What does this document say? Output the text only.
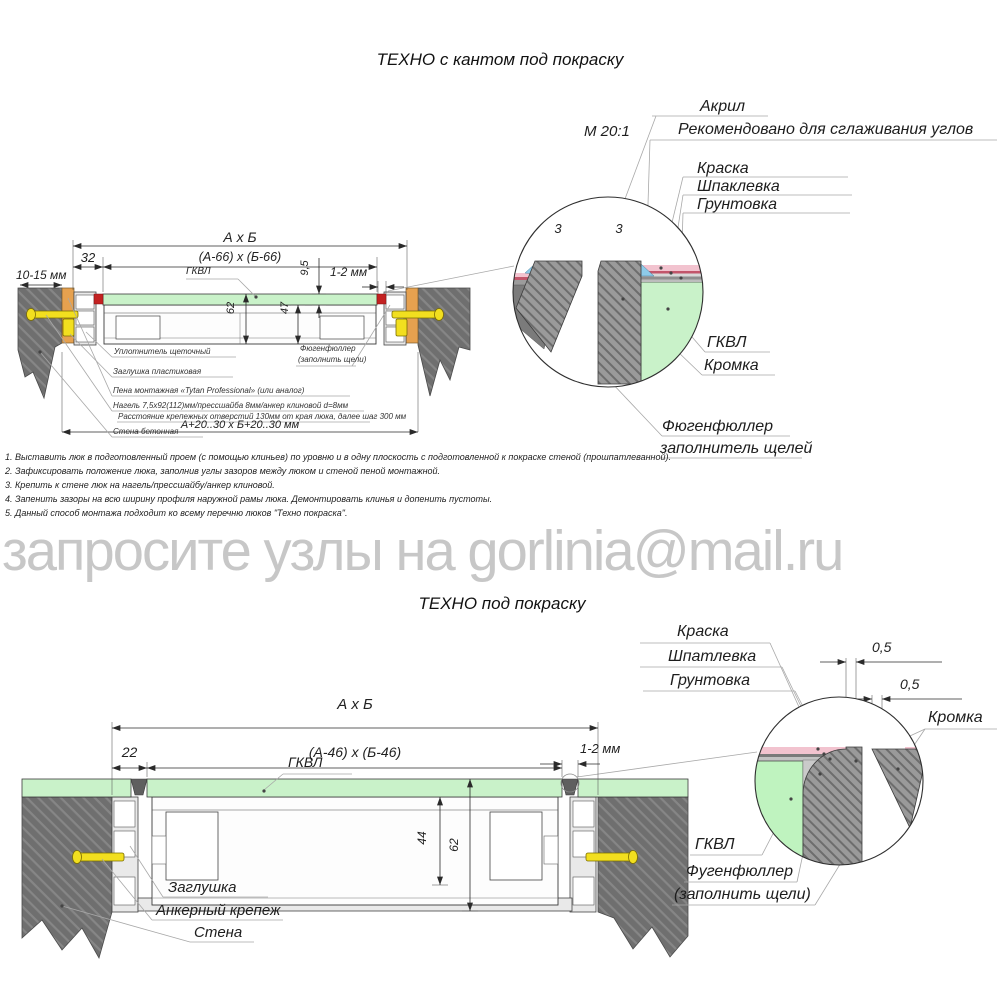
ТЕХНО с кантом под покраску
М 20:1
Акрил
Рекомендовано для сглаживания углов
Краска
Шпаклевка
Грунтовка
ГКВЛ
Кромка
Фюгенфюллер
заполнитель щелей
3	3
А х Б
(А-66) х (Б-66)
32
10-15 мм	ГКВЛ	9,5 1-2 мм
62	47
А+20..30 х Б+20..30 мм
Уплотнитель щеточный
Заглушка пластиковая
Пена монтажная «Tytan Professional» (или аналог)
Нагель 7,5х92(112)мм/прессшайба 8мм/анкер клиновой d=8мм
Расстояние крепежных отверстий 130мм от края люка, далее шаг 300 мм
Стена бетонная
Фюгенфюллер
(заполнить щели)
1. Выставить люк в подготовленный проем (с помощью клиньев) по уровню и в одну плоскость с подготовленной к покраске стеной (прошпатлеванной).
2. Зафиксировать положение люка, заполнив углы зазоров между люком и стеной пеной монтажной.
3. Крепить к стене люк на нагель/прессшайбу/анкер клиновой.
4. Запенить зазоры на всю ширину профиля наружной рамы люка. Демонтировать клинья и допенить пустоты.
5. Данный способ монтажа подходит ко всему перечню люков "Техно покраска".
запросите узлы на gorlinia@mail.ru
ТЕХНО под покраску
Краска
Шпатлевка
Грунтовка
0,5
0,5
Кромка
ГКВЛ
Фугенфюллер
(заполнить щели)
А х Б
(А-46) х (Б-46)
22	1-2 мм
ГКВЛ
44
62
Заглушка
Анкерный крепеж
Стена
